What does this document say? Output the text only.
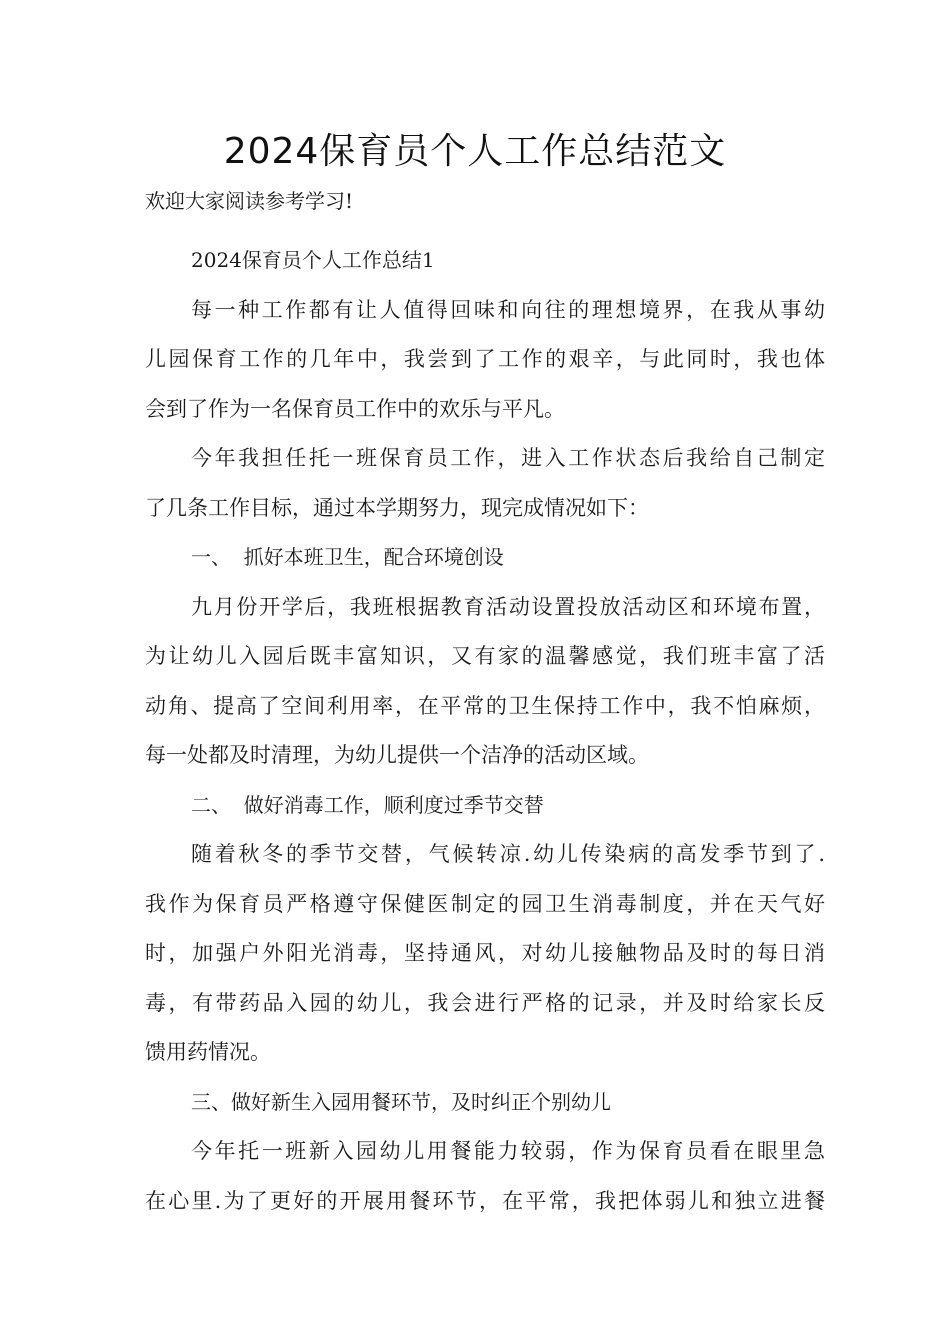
2024保育员个人工作总结范文

欢迎大家阅读参考学习!

2024保育员个人工作总结1

每一种工作都有让人值得回味和向往的理想境界，在我从事幼

儿园保育工作的几年中，我尝到了工作的艰辛，与此同时，我也体

会到了作为一名保育员工作中的欢乐与平凡。

今年我担任托一班保育员工作，进入工作状态后我给自己制定

了几条工作目标，通过本学期努力，现完成情况如下：

一、  抓好本班卫生，配合环境创设

九月份开学后，我班根据教育活动设置投放活动区和环境布置，

为让幼儿入园后既丰富知识，又有家的温馨感觉，我们班丰富了活

动角、提高了空间利用率，在平常的卫生保持工作中，我不怕麻烦，

每一处都及时清理，为幼儿提供一个洁净的活动区域。

二、  做好消毒工作，顺利度过季节交替

随着秋冬的季节交替，气候转凉.幼儿传染病的高发季节到了.

我作为保育员严格遵守保健医制定的园卫生消毒制度，并在天气好

时，加强户外阳光消毒，坚持通风，对幼儿接触物品及时的每日消

毒，有带药品入园的幼儿，我会进行严格的记录，并及时给家长反

馈用药情况。

三、做好新生入园用餐环节，及时纠正个别幼儿

今年托一班新入园幼儿用餐能力较弱，作为保育员看在眼里急

在心里.为了更好的开展用餐环节，在平常，我把体弱儿和独立进餐
